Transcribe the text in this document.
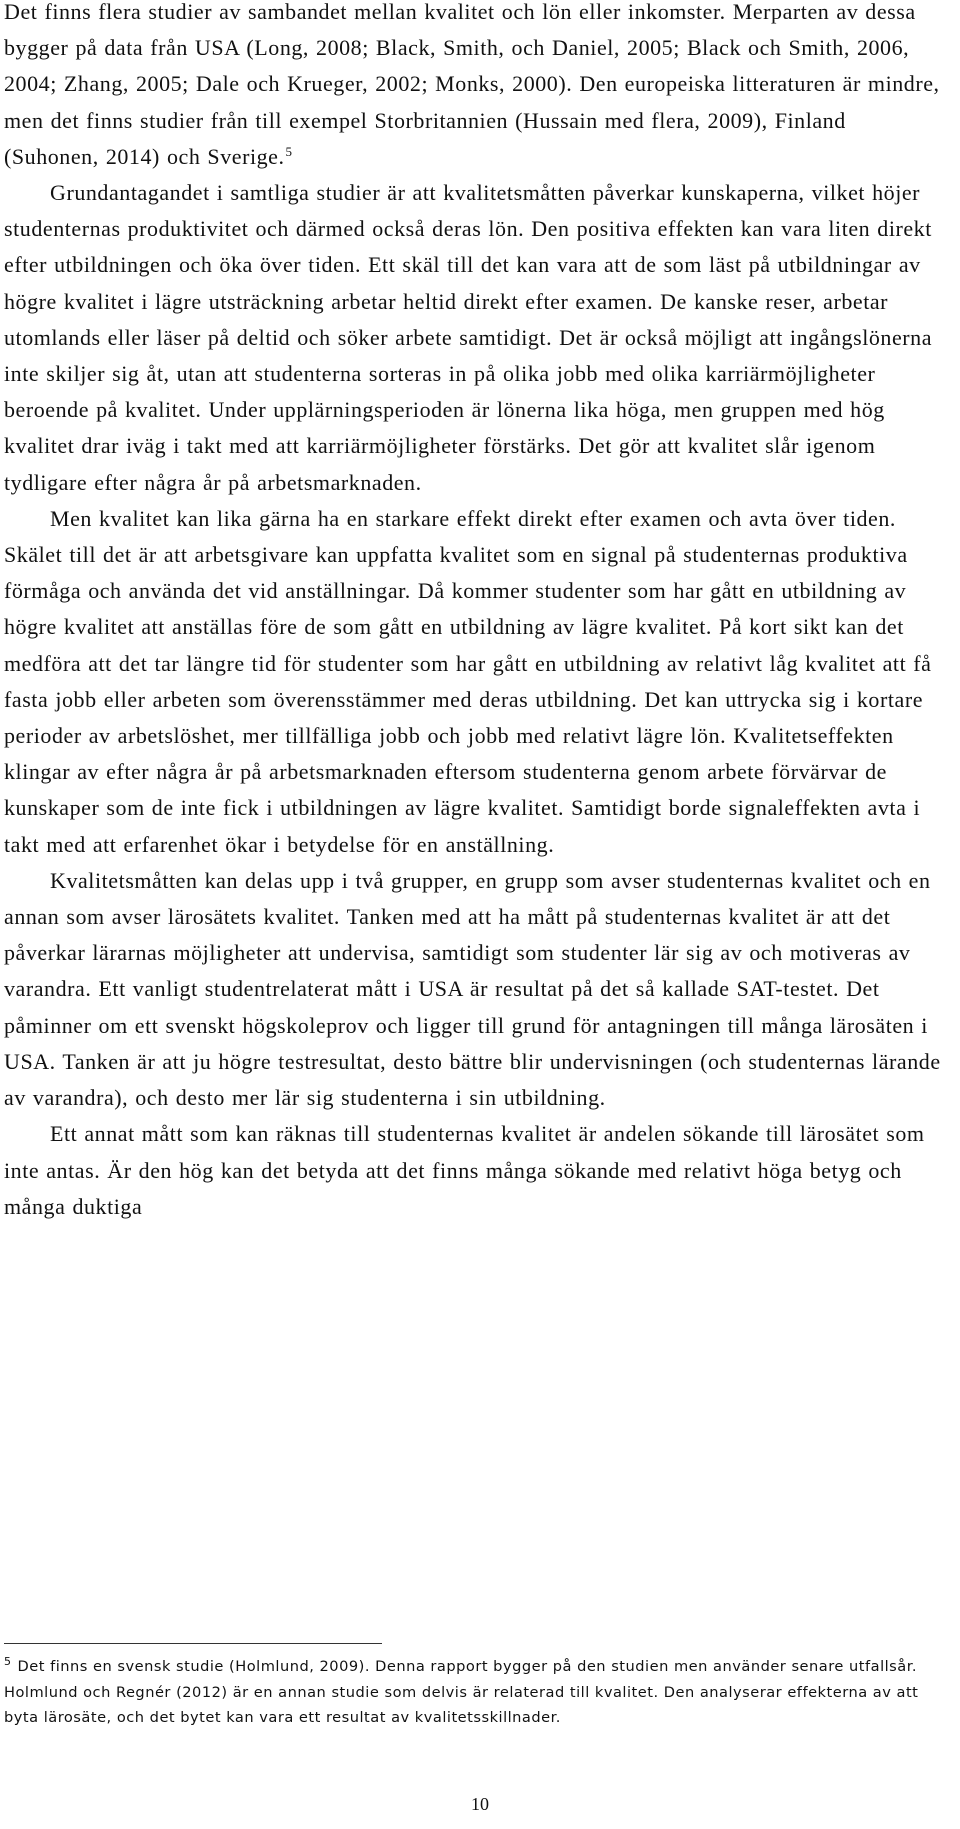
Det finns flera studier av sambandet mellan kvalitet och lön eller inkomster. Merparten av dessa bygger på data från USA (Long, 2008; Black, Smith, och Daniel, 2005; Black och Smith, 2006, 2004; Zhang, 2005; Dale och Krueger, 2002; Monks, 2000). Den europeiska litteraturen är mindre, men det finns studier från till exempel Storbritannien (Hussain med flera, 2009), Finland (Suhonen, 2014) och Sverige.$^5$

Grundantagandet i samtliga studier är att kvalitetsmåtten påverkar kunskaperna, vilket höjer studenternas produktivitet och därmed också deras lön. Den positiva effekten kan vara liten direkt efter utbildningen och öka över tiden. Ett skäl till det kan vara att de som läst på utbildningar av högre kvalitet i lägre utsträckning arbetar heltid direkt efter examen. De kanske reser, arbetar utomlands eller läser på deltid och söker arbete samtidigt. Det är också möjligt att ingångslönerna inte skiljer sig åt, utan att studenterna sorteras in på olika jobb med olika karriärmöjligheter beroende på kvalitet. Under upplärningsperioden är lönerna lika höga, men gruppen med hög kvalitet drar iväg i takt med att karriärmöjligheter förstärks. Det gör att kvalitet slår igenom tydligare efter några år på arbetsmarknaden.

Men kvalitet kan lika gärna ha en starkare effekt direkt efter examen och avta över tiden. Skälet till det är att arbetsgivare kan uppfatta kvalitet som en signal på studenternas produktiva förmåga och använda det vid anställningar. Då kommer studenter som har gått en utbildning av högre kvalitet att anställas före de som gått en utbildning av lägre kvalitet. På kort sikt kan det medföra att det tar längre tid för studenter som har gått en utbildning av relativt låg kvalitet att få fasta jobb eller arbeten som överensstämmer med deras utbildning. Det kan uttrycka sig i kortare perioder av arbetslöshet, mer tillfälliga jobb och jobb med relativt lägre lön. Kvalitetseffekten klingar av efter några år på arbetsmarknaden eftersom studenterna genom arbete förvärvar de kunskaper som de inte fick i utbildningen av lägre kvalitet. Samtidigt borde signaleffekten avta i takt med att erfarenhet ökar i betydelse för en anställning.

Kvalitetsmåtten kan delas upp i två grupper, en grupp som avser studenternas kvalitet och en annan som avser lärosätets kvalitet. Tanken med att ha mått på studenternas kvalitet är att det påverkar lärarnas möjligheter att undervisa, samtidigt som studenter lär sig av och motiveras av varandra. Ett vanligt studentrelaterat mått i USA är resultat på det så kallade SAT-testet. Det påminner om ett svenskt högskoleprov och ligger till grund för antagningen till många lärosäten i USA. Tanken är att ju högre testresultat, desto bättre blir undervisningen (och studenternas lärande av varandra), och desto mer lär sig studenterna i sin utbildning.

Ett annat mått som kan räknas till studenternas kvalitet är andelen sökande till lärosätet som inte antas. Är den hög kan det betyda att det finns många sökande med relativt höga betyg och många duktiga

$^5$ Det finns en svensk studie (Holmlund, 2009). Denna rapport bygger på den studien men använder senare utfallsår. Holmlund och Regnér (2012) är en annan studie som delvis är relaterad till kvalitet. Den analyserar effekterna av att byta lärosäte, och det bytet kan vara ett resultat av kvalitetsskillnader.

10
